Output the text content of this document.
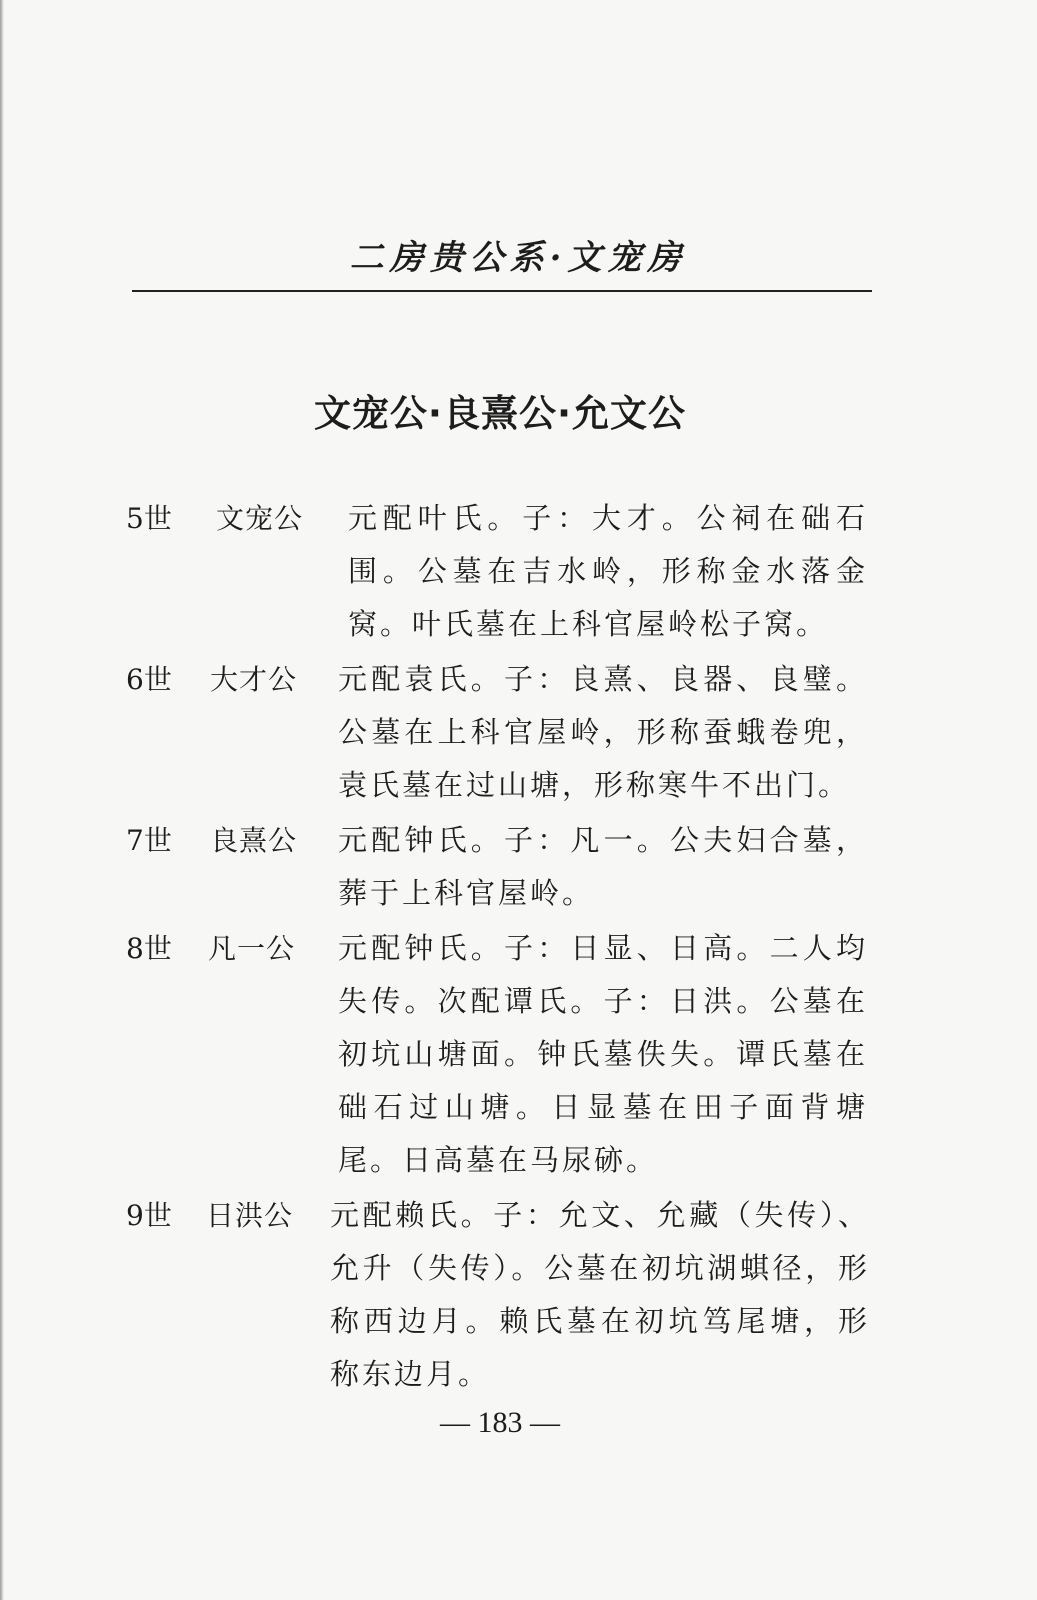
二房贵公系·文宠房
文宠公·良熹公·允文公
5世 文宠公 元配叶氏。子：大才。公祠在础石围。公墓在吉水岭，形称金水落金窝。叶氏墓在上科官屋岭松子窝。
6世 大才公 元配袁氏。子：良熹、良器、良璧。公墓在上科官屋岭，形称蚕蛾卷兜，袁氏墓在过山塘，形称寒牛不出门。
7世 良熹公 元配钟氏。子：凡一。公夫妇合墓，葬于上科官屋岭。
8世 凡一公 元配钟氏。子：日显、日高。二人均失传。次配谭氏。子：日洪。公墓在初坑山塘面。钟氏墓佚失。谭氏墓在础石过山塘。日显墓在田子面背塘尾。日高墓在马尿硛。
9世 日洪公 元配赖氏。子：允文、允藏（失传）、允升（失传）。公墓在初坑湖蜞径，形称西边月。赖氏墓在初坑笃尾塘，形称东边月。
— 183 —
